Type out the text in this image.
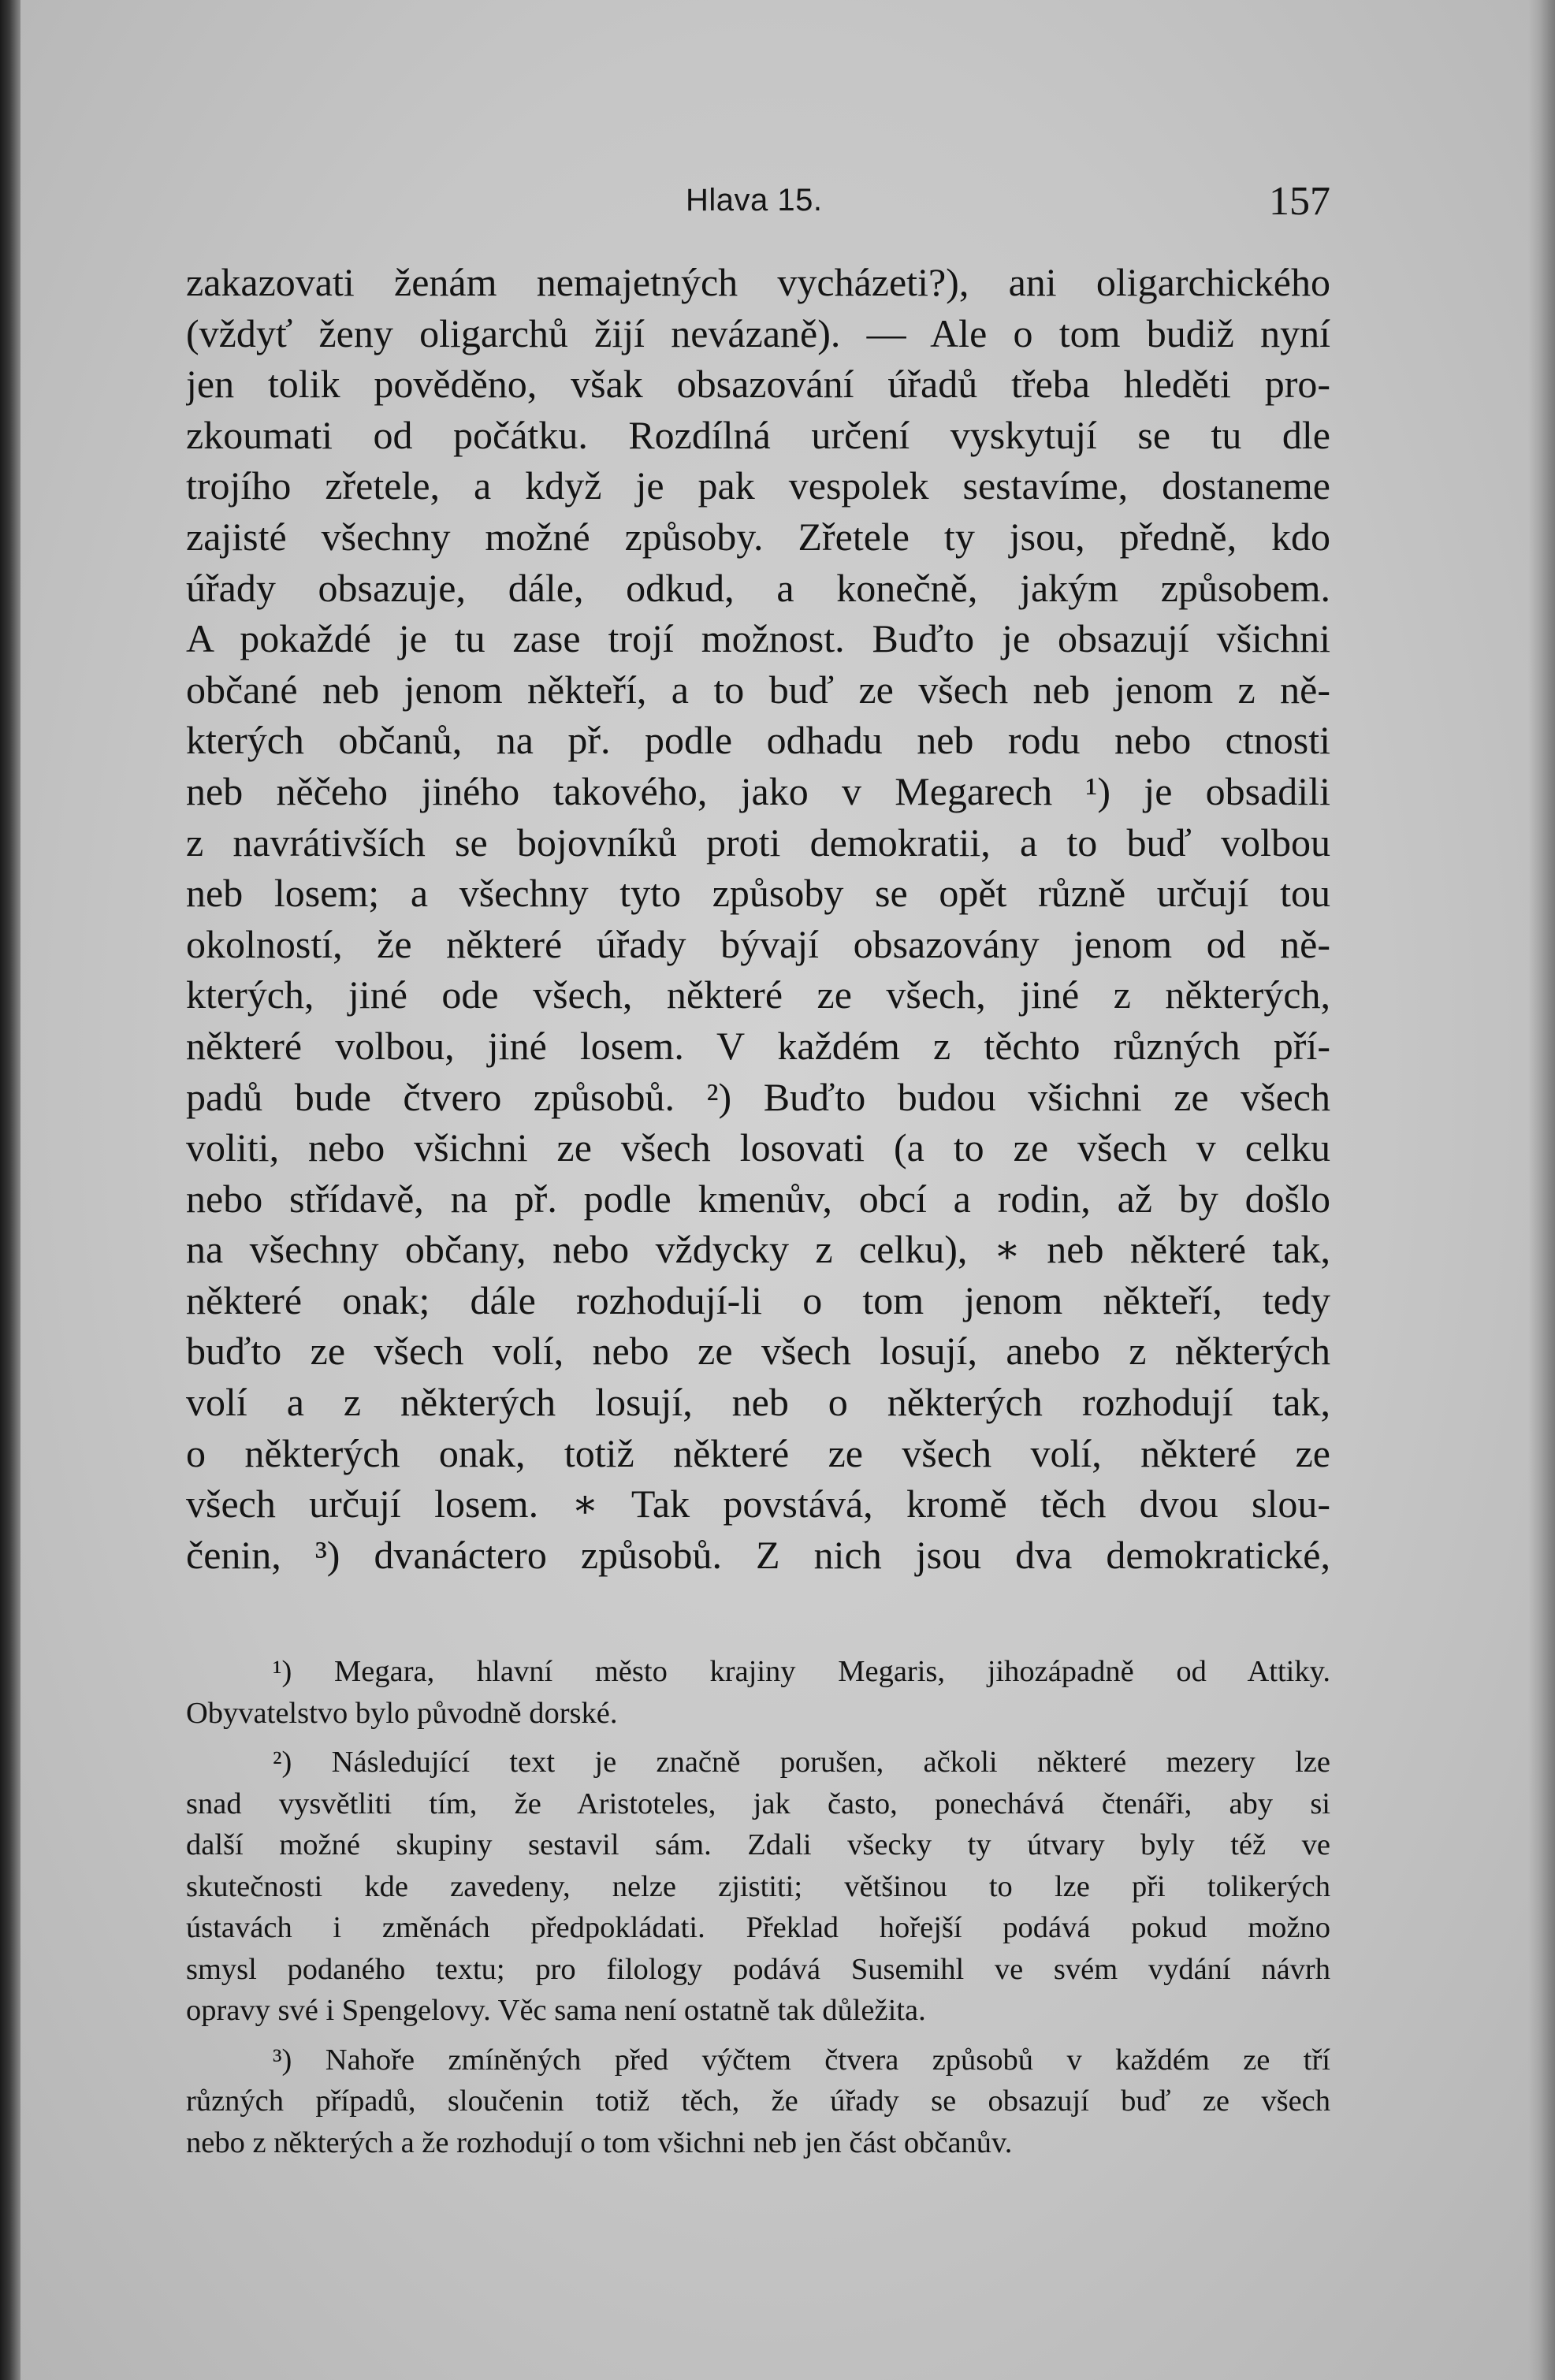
Hlava 15.	157
zakazovati ženám nemajetných vycházeti?), ani oligarchického
(vždyť ženy oligarchů žijí nevázaně). — Ale o tom budiž nyní
jen tolik pověděno, však obsazování úřadů třeba hleděti pro-
zkoumati od počátku. Rozdílná určení vyskytují se tu dle
trojího zřetele, a když je pak vespolek sestavíme, dostaneme
zajisté všechny možné způsoby. Zřetele ty jsou, předně, kdo
úřady obsazuje, dále, odkud, a konečně, jakým způsobem.
A pokaždé je tu zase trojí možnost. Buďto je obsazují všichni
občané neb jenom někteří, a to buď ze všech neb jenom z ně-
kterých občanů, na př. podle odhadu neb rodu nebo ctnosti
neb něčeho jiného takového, jako v Megarech ¹) je obsadili
z navrátivších se bojovníků proti demokratii, a to buď volbou
neb losem; a všechny tyto způsoby se opět různě určují tou
okolností, že některé úřady bývají obsazovány jenom od ně-
kterých, jiné ode všech, některé ze všech, jiné z některých,
některé volbou, jiné losem. V každém z těchto různých pří-
padů bude čtvero způsobů. ²) Buďto budou všichni ze všech
voliti, nebo všichni ze všech losovati (a to ze všech v celku
nebo střídavě, na př. podle kmenův, obcí a rodin, až by došlo
na všechny občany, nebo vždycky z celku), ∗ neb některé tak,
některé onak; dále rozhodují-li o tom jenom někteří, tedy
buďto ze všech volí, nebo ze všech losují, anebo z některých
volí a z některých losují, neb o některých rozhodují tak,
o některých onak, totiž některé ze všech volí, některé ze
všech určují losem. ∗ Tak povstává, kromě těch dvou slou-
čenin, ³) dvanáctero způsobů. Z nich jsou dva demokratické,
¹) Megara, hlavní město krajiny Megaris, jihozápadně od Attiky.
Obyvatelstvo bylo původně dorské.
²) Následující text je značně porušen, ačkoli některé mezery lze
snad vysvětliti tím, že Aristoteles, jak často, ponechává čtenáři, aby si
další možné skupiny sestavil sám. Zdali všecky ty útvary byly též ve
skutečnosti kde zavedeny, nelze zjistiti; většinou to lze při tolikerých
ústavách i změnách předpokládati. Překlad hořejší podává pokud možno
smysl podaného textu; pro filology podává Susemihl ve svém vydání návrh
opravy své i Spengelovy. Věc sama není ostatně tak důležita.
³) Nahoře zmíněných před výčtem čtvera způsobů v každém ze tří
různých případů, sloučenin totiž těch, že úřady se obsazují buď ze všech
nebo z některých a že rozhodují o tom všichni neb jen část občanův.
